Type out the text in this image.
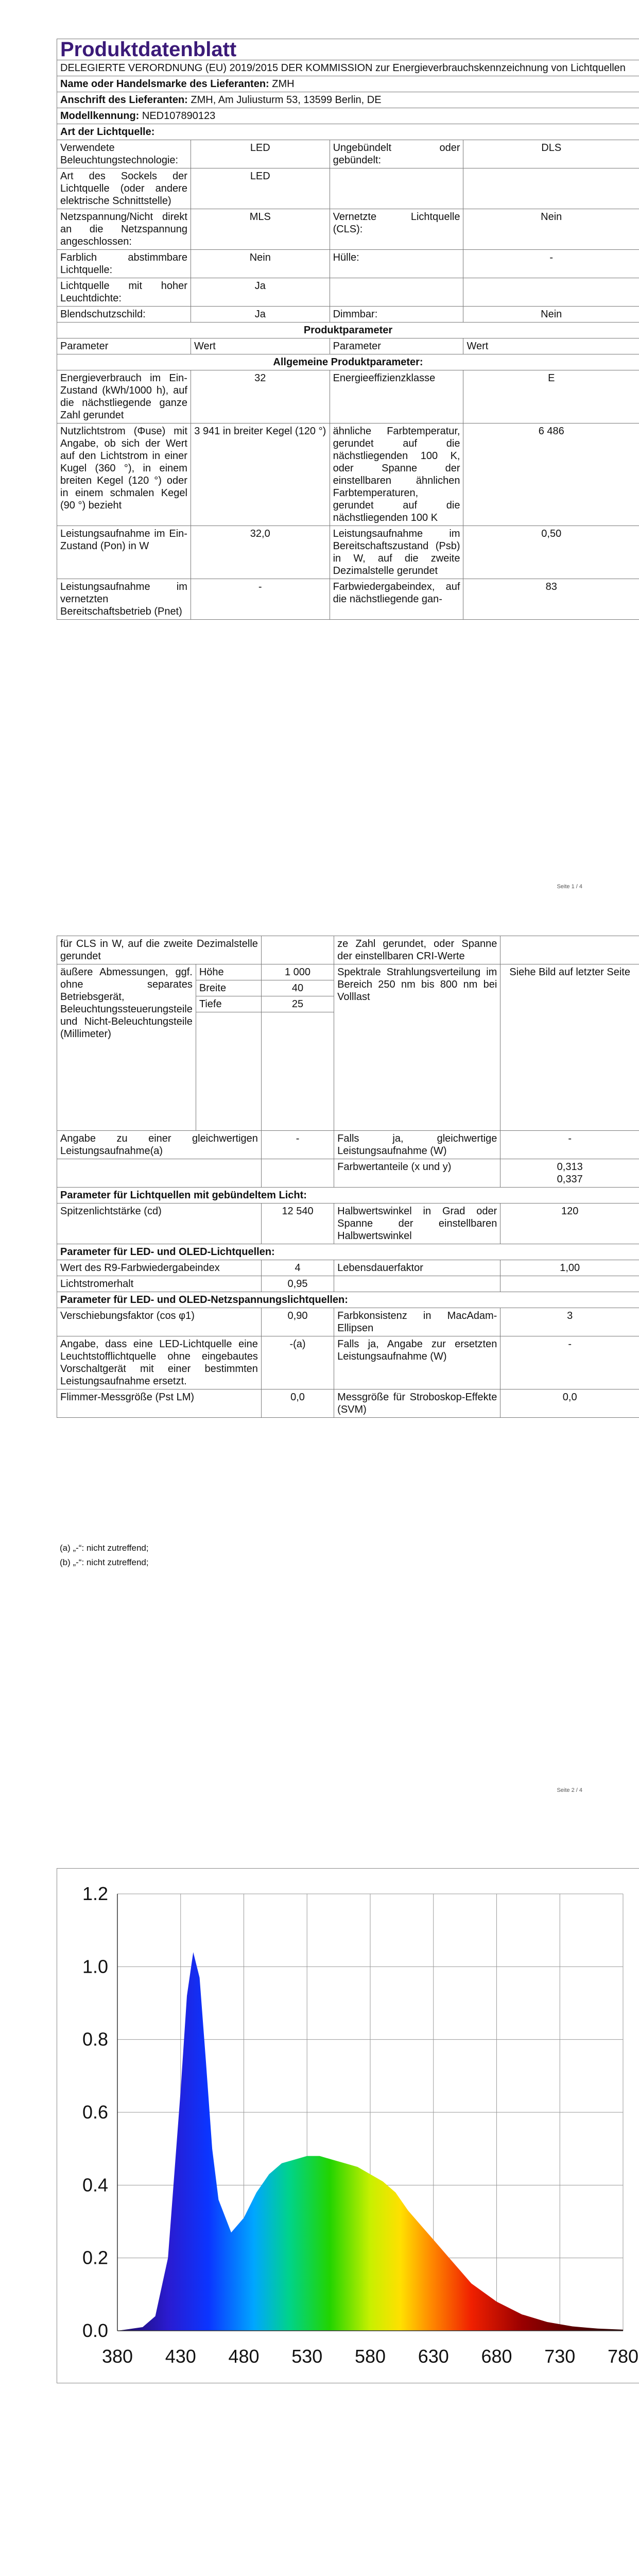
Produktdatenblatt			
DELEGIERTE VERORDNUNG (EU) 2019/2015 DER KOMMISSION zur Energieverbrauchskennzeichnung von Lichtquellen			
Name oder Handelsmarke des Lieferanten: ZMH			
Anschrift des Lieferanten: ZMH, Am Juliusturm 53, 13599 Berlin, DE			
Modellkennung: NED107890123			
Art der Lichtquelle:			
Verwendete Beleuchtungstechnologie:	LED	Ungebündelt oder gebündelt:	DLS
Art des Sockels der Lichtquelle (oder andere elektrische Schnittstelle)	LED		
Netzspannung/Nicht direkt an die Netzspannung angeschlossen:	MLS	Vernetzte Lichtquelle (CLS):	Nein
Farblich abstimmbare Lichtquelle:	Nein	Hülle:	-
Lichtquelle mit hoher Leuchtdichte:	Ja		
Blendschutzschild:	Ja	Dimmbar:	Nein
Produktparameter			
Parameter	Wert	Parameter	Wert
Allgemeine Produktparameter:			
Energieverbrauch im Ein-Zustand (kWh/1000 h), auf die nächstliegende ganze Zahl gerundet	32	Energieeffizienzklasse	E
Nutzlichtstrom (Φuse) mit Angabe, ob sich der Wert auf den Lichtstrom in einer Kugel (360 °), in einem breiten Kegel (120 °) oder in einem schmalen Kegel (90 °) bezieht	3 941 in breiter Kegel (120 °)	ähnliche Farbtemperatur, gerundet auf die nächstliegenden 100 K, oder Spanne der einstellbaren ähnlichen Farbtemperaturen, gerundet auf die nächstliegenden 100 K	6 486
Leistungsaufnahme im Ein-Zustand (Pon) in W	32,0	Leistungsaufnahme im Bereitschaftszustand (Psb) in W, auf die zweite Dezimalstelle gerundet	0,50
Leistungsaufnahme im vernetzten Bereitschaftsbetrieb (Pnet)	-	Farbwiedergabeindex, auf die nächstliegende gan-	83
Seite 1 / 4
für CLS in W, auf die zweite Dezimalstelle gerundet			ze Zahl gerundet, oder Spanne der einstellbaren CRI-Werte	
äußere Abmessungen, ggf. ohne separates Betriebsgerät, Beleuchtungssteuerungsteile und Nicht-Beleuchtungsteile (Millimeter)	Höhe	1 000	Spektrale Strahlungsverteilung im Bereich 250 nm bis 800 nm bei Volllast	Siehe Bild auf letzter Seite
	Breite	40		
	Tiefe	25		

Angabe zu einer gleichwertigen Leistungsaufnahme(a)		-	Falls ja, gleichwertige Leistungsaufnahme (W)	-
			Farbwertanteile (x und y)	0,313
0,337
Parameter für Lichtquellen mit gebündeltem Licht:				
Spitzenlichtstärke (cd)		12 540	Halbwertswinkel in Grad oder Spanne der einstellbaren Halbwertswinkel	120
Parameter für LED- und OLED-Lichtquellen:				
Wert des R9-Farbwiedergabeindex		4	Lebensdauerfaktor	1,00
Lichtstromerhalt		0,95		
Parameter für LED- und OLED-Netzspannungslichtquellen:				
Verschiebungsfaktor (cos φ1)		0,90	Farbkonsistenz in MacAdam-Ellipsen	3
Angabe, dass eine LED-Lichtquelle eine Leuchtstofflichtquelle ohne eingebautes Vorschaltgerät mit einer bestimmten Leistungsaufnahme ersetzt.		-(a)	Falls ja, Angabe zur ersetzten Leistungsaufnahme (W)	-
Flimmer-Messgröße (Pst LM)		0,0	Messgröße für Stroboskop-Effekte (SVM)	0,0
(a) „-“: nicht zutreffend;
(b) „-“: nicht zutreffend;
Seite 2 / 4
0.0
0.2
0.4
0.6
0.8
1.0
1.2
380 430 480 530 580 630 680 730 780
